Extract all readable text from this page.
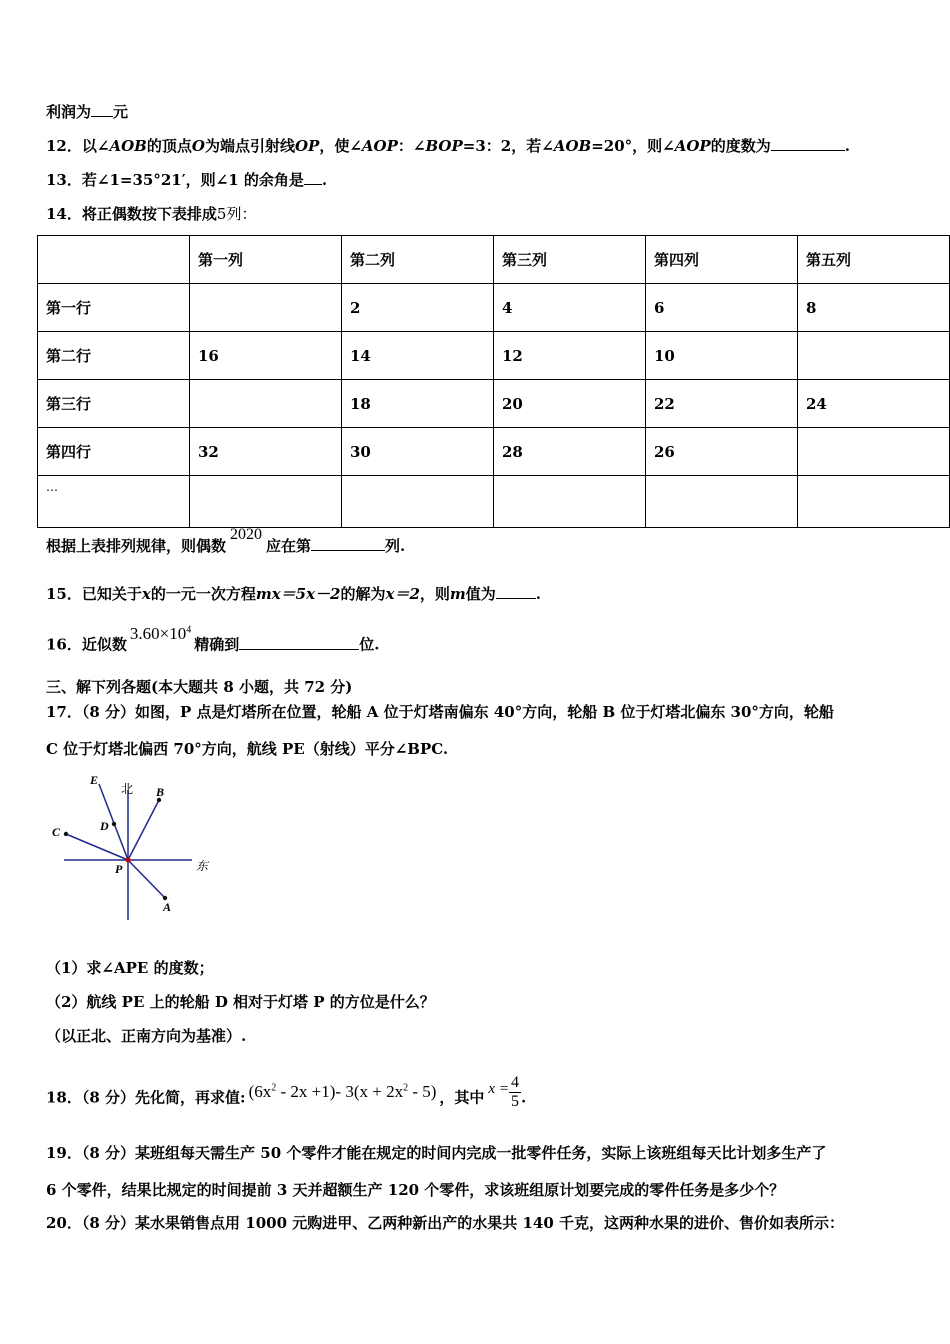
利润为 元
12．以∠AOB的顶点O为端点引射线OP，使∠AOP：∠BOP=3：2，若∠AOB=20°，则∠AOP的度数为	.
13．若∠1=35°21′，则∠1 的余角是 .
14．将正偶数按下表排成5列：
	第一列	第二列	第三列	第四列	第五列
第一行		2	4	6	8
第二行	16	14	12	10	
第三行		18	20	22	24
第四行	32	30	28	26	
…					
根据上表排列规律，则偶数2020应在第	列.
15．已知关于x的一元一次方程mx＝5x－2的解为x＝2，则m值为	.
16．近似数$3.60\times 10^4$精确到	位.
三、解下列各题(本大题共 8 小题，共 72 分)
17．（8 分）如图，P 点是灯塔所在位置，轮船 A 位于灯塔南偏东 40°方向，轮船 B 位于灯塔北偏东 30°方向，轮船
C 位于灯塔北偏西 70°方向，航线 PE（射线）平分∠BPC.
E
北 B
C	D
P	东
A
（1）求∠APE 的度数；
（2）航线 PE 上的轮船 D 相对于灯塔 P 的方位是什么？
（以正北、正南方向为基准）.
18．（8 分）先化简，再求值: $(6x^2 - 2x +1)-$ $3(x + 2x^2 - 5)$ ，其中 $x = \frac{4}{5}$ .
19．（8 分）某班组每天需生产 50 个零件才能在规定的时间内完成一批零件任务，实际上该班组每天比计划多生产了
6 个零件，结果比规定的时间提前 3 天并超额生产 120 个零件，求该班组原计划要完成的零件任务是多少个？
20．（8 分）某水果销售点用 1000 元购进甲、乙两种新出产的水果共 140 千克，这两种水果的进价、售价如表所示：
